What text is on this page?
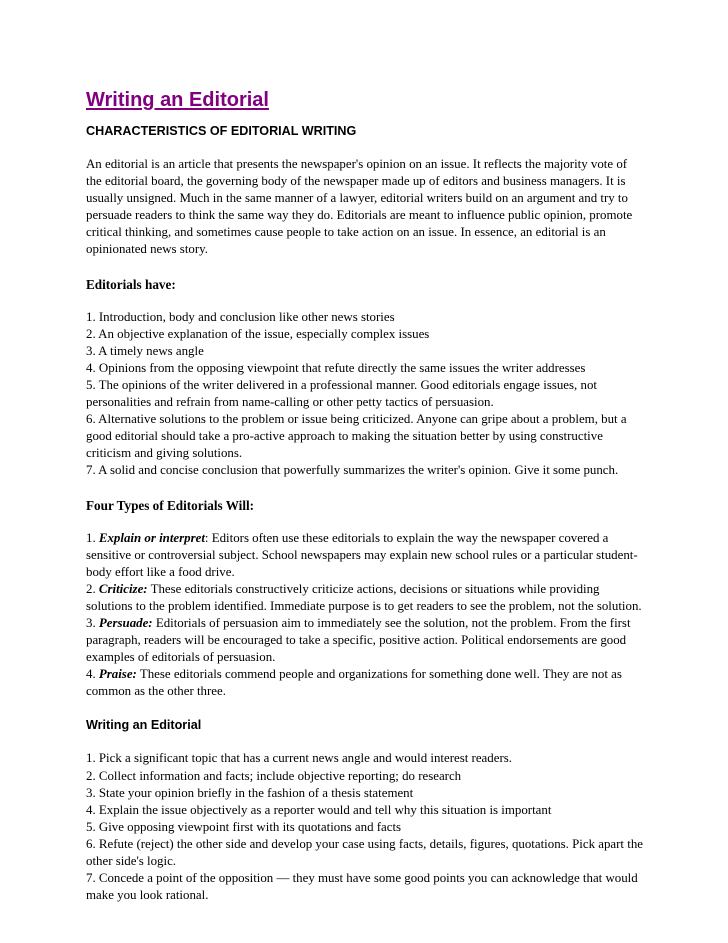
Writing an Editorial
CHARACTERISTICS OF EDITORIAL WRITING

An editorial is an article that presents the newspaper's opinion on an issue. It reflects the majority vote of the editorial board, the governing body of the newspaper made up of editors and business managers. It is usually unsigned. Much in the same manner of a lawyer, editorial writers build on an argument and try to persuade readers to think the same way they do. Editorials are meant to influence public opinion, promote critical thinking, and sometimes cause people to take action on an issue. In essence, an editorial is an opinionated news story.

Editorials have:
1. Introduction, body and conclusion like other news stories
2. An objective explanation of the issue, especially complex issues
3. A timely news angle
4. Opinions from the opposing viewpoint that refute directly the same issues the writer addresses
5. The opinions of the writer delivered in a professional manner. Good editorials engage issues, not personalities and refrain from name-calling or other petty tactics of persuasion.
6. Alternative solutions to the problem or issue being criticized. Anyone can gripe about a problem, but a good editorial should take a pro-active approach to making the situation better by using constructive criticism and giving solutions.
7. A solid and concise conclusion that powerfully summarizes the writer's opinion. Give it some punch.
Four Types of Editorials Will:
1. Explain or interpret: Editors often use these editorials to explain the way the newspaper covered a sensitive or controversial subject. School newspapers may explain new school rules or a particular student-body effort like a food drive.
2. Criticize: These editorials constructively criticize actions, decisions or situations while providing solutions to the problem identified. Immediate purpose is to get readers to see the problem, not the solution.
3. Persuade: Editorials of persuasion aim to immediately see the solution, not the problem. From the first paragraph, readers will be encouraged to take a specific, positive action. Political endorsements are good examples of editorials of persuasion.
4. Praise: These editorials commend people and organizations for something done well. They are not as common as the other three.
Writing an Editorial
1. Pick a significant topic that has a current news angle and would interest readers.
2. Collect information and facts; include objective reporting; do research
3. State your opinion briefly in the fashion of a thesis statement
4. Explain the issue objectively as a reporter would and tell why this situation is important
5. Give opposing viewpoint first with its quotations and facts
6. Refute (reject) the other side and develop your case using facts, details, figures, quotations. Pick apart the other side's logic.
7. Concede a point of the opposition — they must have some good points you can acknowledge that would make you look rational.
